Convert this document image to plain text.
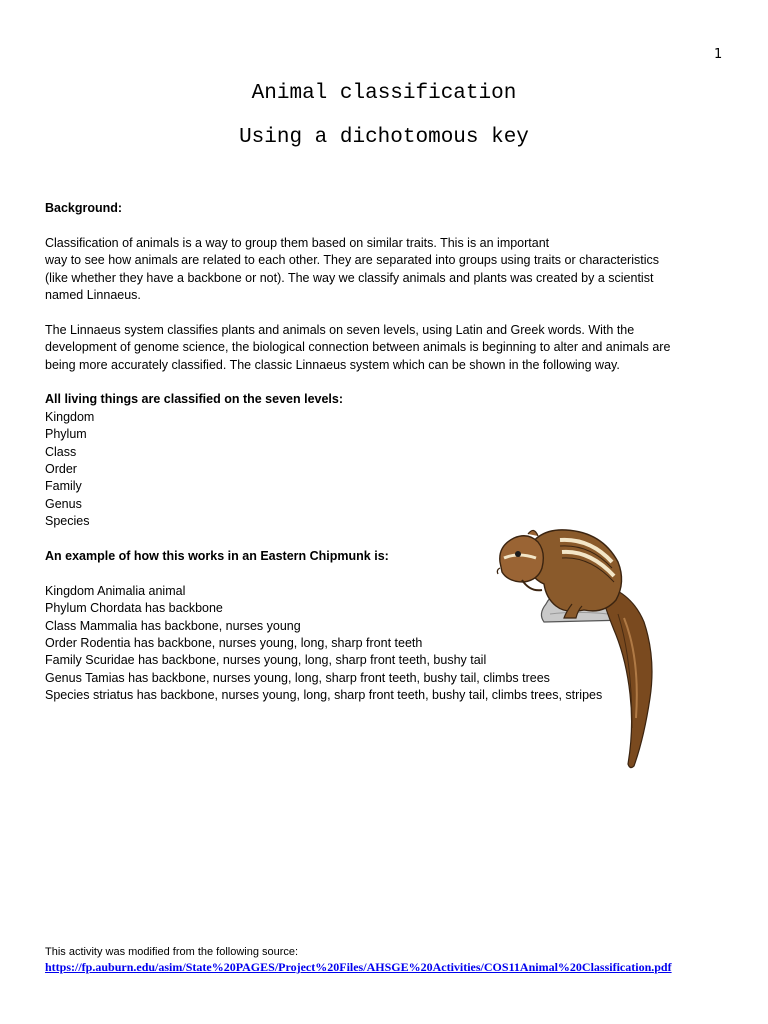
1
Animal classification
Using a dichotomous key

Background:

Classification of animals is a way to group them based on similar traits. This is an important

way to see how animals are related to each other. They are separated into groups using traits or characteristics

(like whether they have a backbone or not). The way we classify animals and plants was created by a scientist

named Linnaeus.

The Linnaeus system classifies plants and animals on seven levels, using Latin and Greek words. With the

development of genome science, the biological connection between animals is beginning to alter and animals are

being more accurately classified. The classic Linnaeus system which can be shown in the following way.

All living things are classified on the seven levels:

Kingdom

Phylum

Class

Order

Family

Genus

Species

An example of how this works in an Eastern Chipmunk is:

Kingdom Animalia animal

Phylum Chordata has backbone

Class Mammalia has backbone, nurses young

Order Rodentia has backbone, nurses young, long, sharp front teeth

Family Scuridae has backbone, nurses young, long, sharp front teeth, bushy tail

Genus Tamias has backbone, nurses young, long, sharp front teeth, bushy tail, climbs trees

Species striatus has backbone, nurses young, long, sharp front teeth, bushy tail, climbs trees, stripes

This activity was modified from the following source:
https://fp.auburn.edu/asim/State%20PAGES/Project%20Files/AHSGE%20Activities/COS11Animal%20Classification.pdf
